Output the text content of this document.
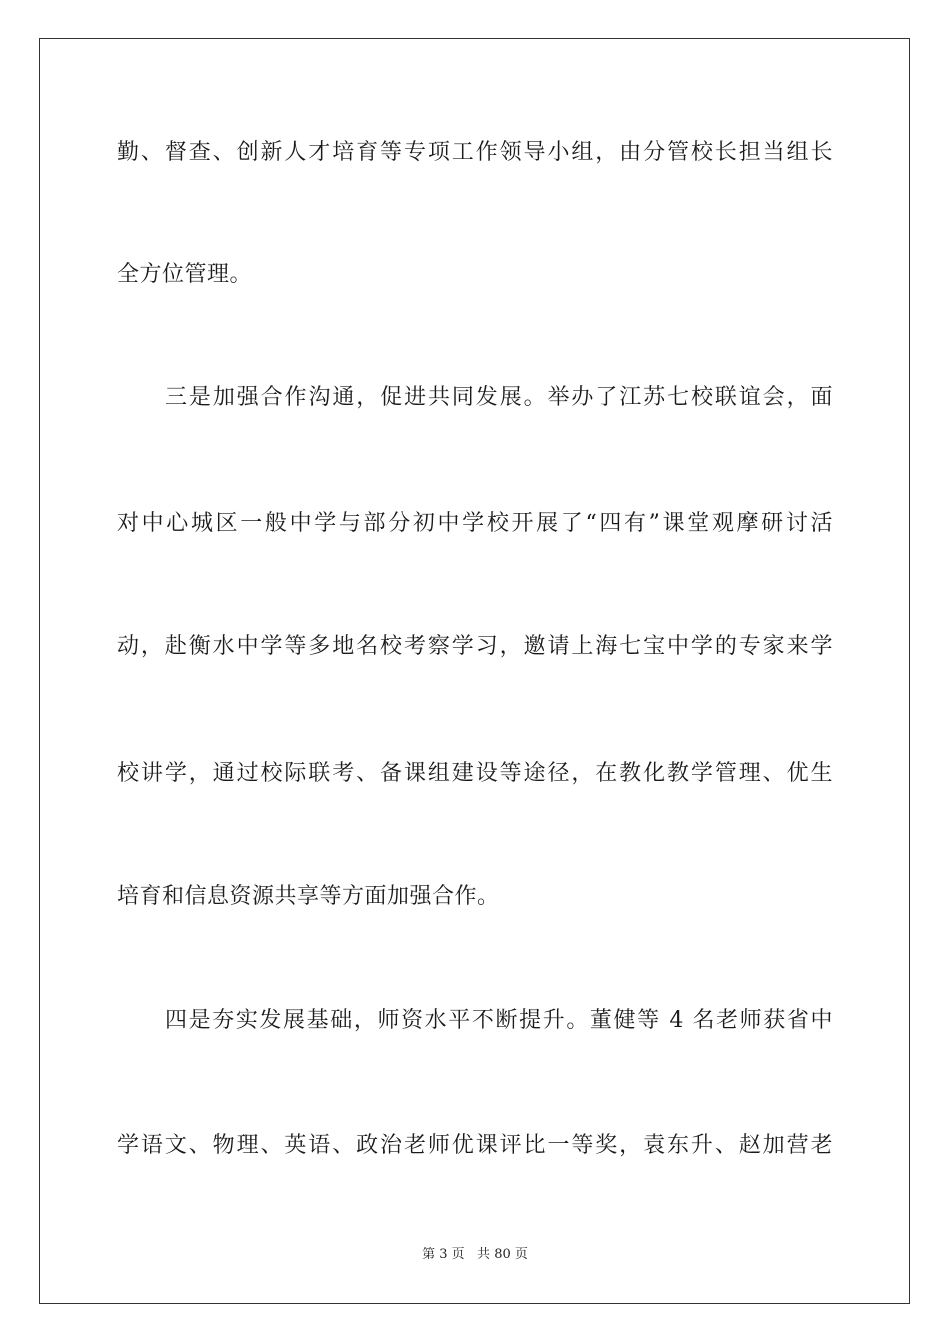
勤、督查、创新人才培育等专项工作领导小组，由分管校长担当组长
全方位管理。
三是加强合作沟通，促进共同发展。举办了江苏七校联谊会，面
对中心城区一般中学与部分初中学校开展了“四有”课堂观摩研讨活
动，赴衡水中学等多地名校考察学习，邀请上海七宝中学的专家来学
校讲学，通过校际联考、备课组建设等途径，在教化教学管理、优生
培育和信息资源共享等方面加强合作。
四是夯实发展基础，师资水平不断提升。董健等 4 名老师获省中
学语文、物理、英语、政治老师优课评比一等奖，袁东升、赵加营老
第 3 页   共 80 页
